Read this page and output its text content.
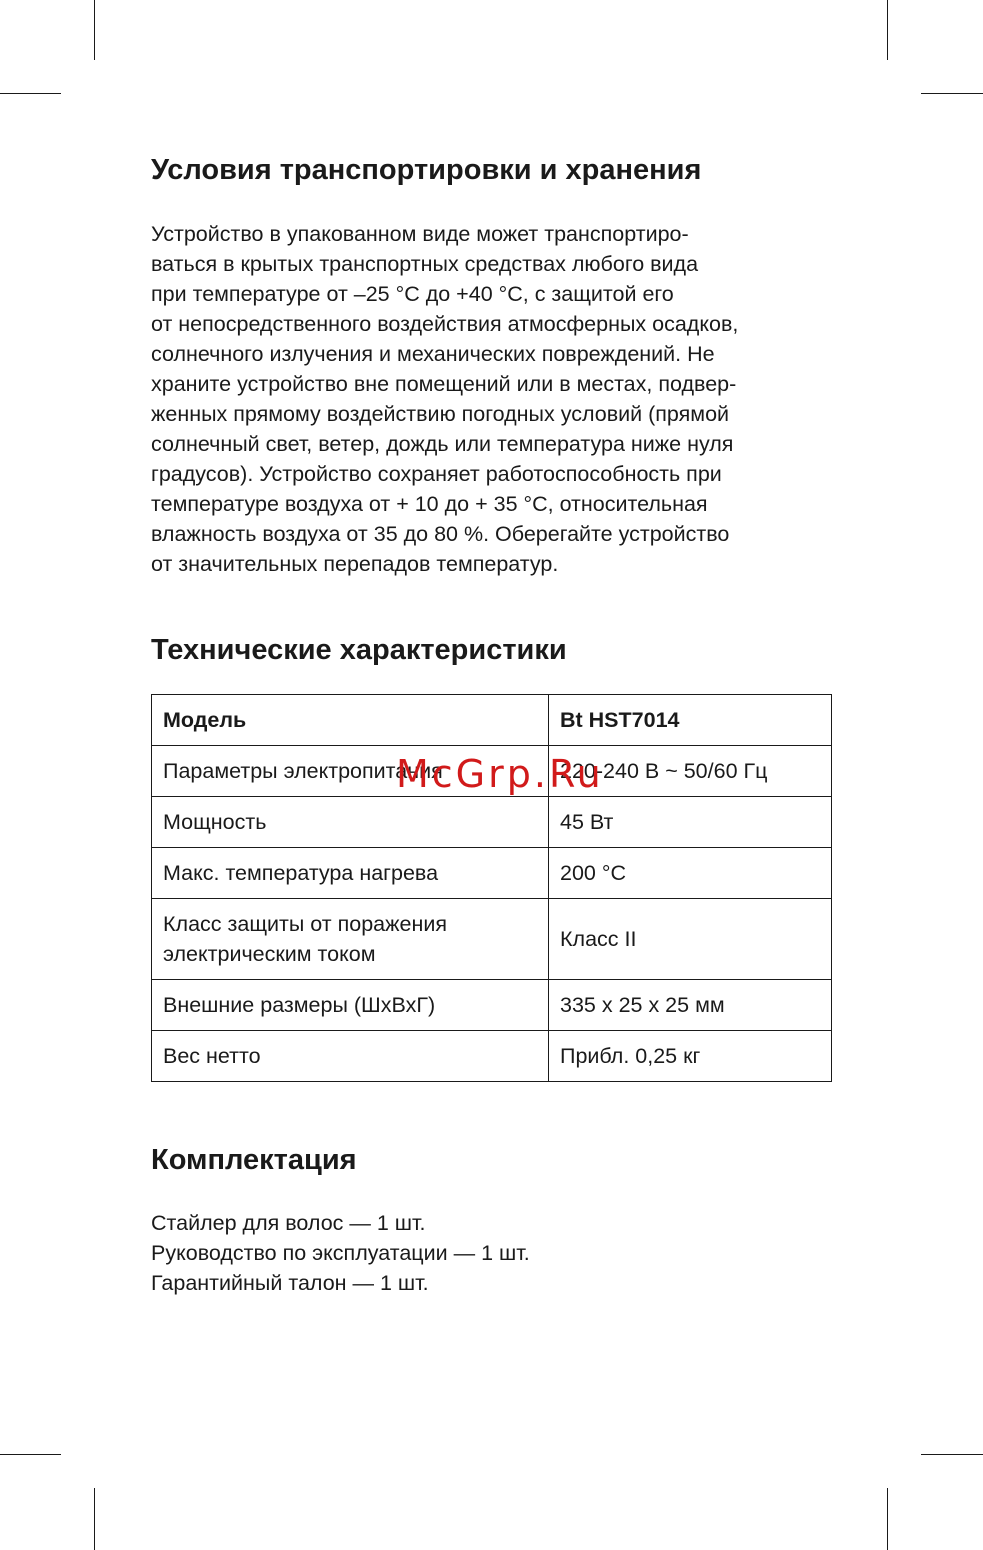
Условия транспортировки и хранения
Устройство в упакованном виде может транспортиро-
ваться в крытых транспортных средствах любого вида
при температуре от –25 °C до +40 °C, с защитой его
от непосредственного воздействия атмосферных осадков,
солнечного излучения и механических повреждений. Не
храните устройство вне помещений или в местах, подвер-
женных прямому воздействию погодных условий (прямой
солнечный свет, ветер, дождь или температура ниже нуля
градусов). Устройство сохраняет работоспособность при
температуре воздуха от + 10 до + 35 °C, относительная
влажность воздуха от 35 до 80 %. Оберегайте устройство
от значительных перепадов температур.
Технические характеристики
Модель	Bt HST7014
Параметры электропитания	220-240 В ~ 50/60 Гц
Мощность	45 Вт
Макс. температура нагрева	200 °C

Класс защиты от поражения
электрическим током	Класс II
Внешние размеры (ШхВхГ)	335 х 25 х 25 мм
Вес нетто	Прибл. 0,25 кг
Комплектация
Стайлер для волос — 1 шт.
Руководство по эксплуатации — 1 шт.
Гарантийный талон — 1 шт.
McGrp.Ru
